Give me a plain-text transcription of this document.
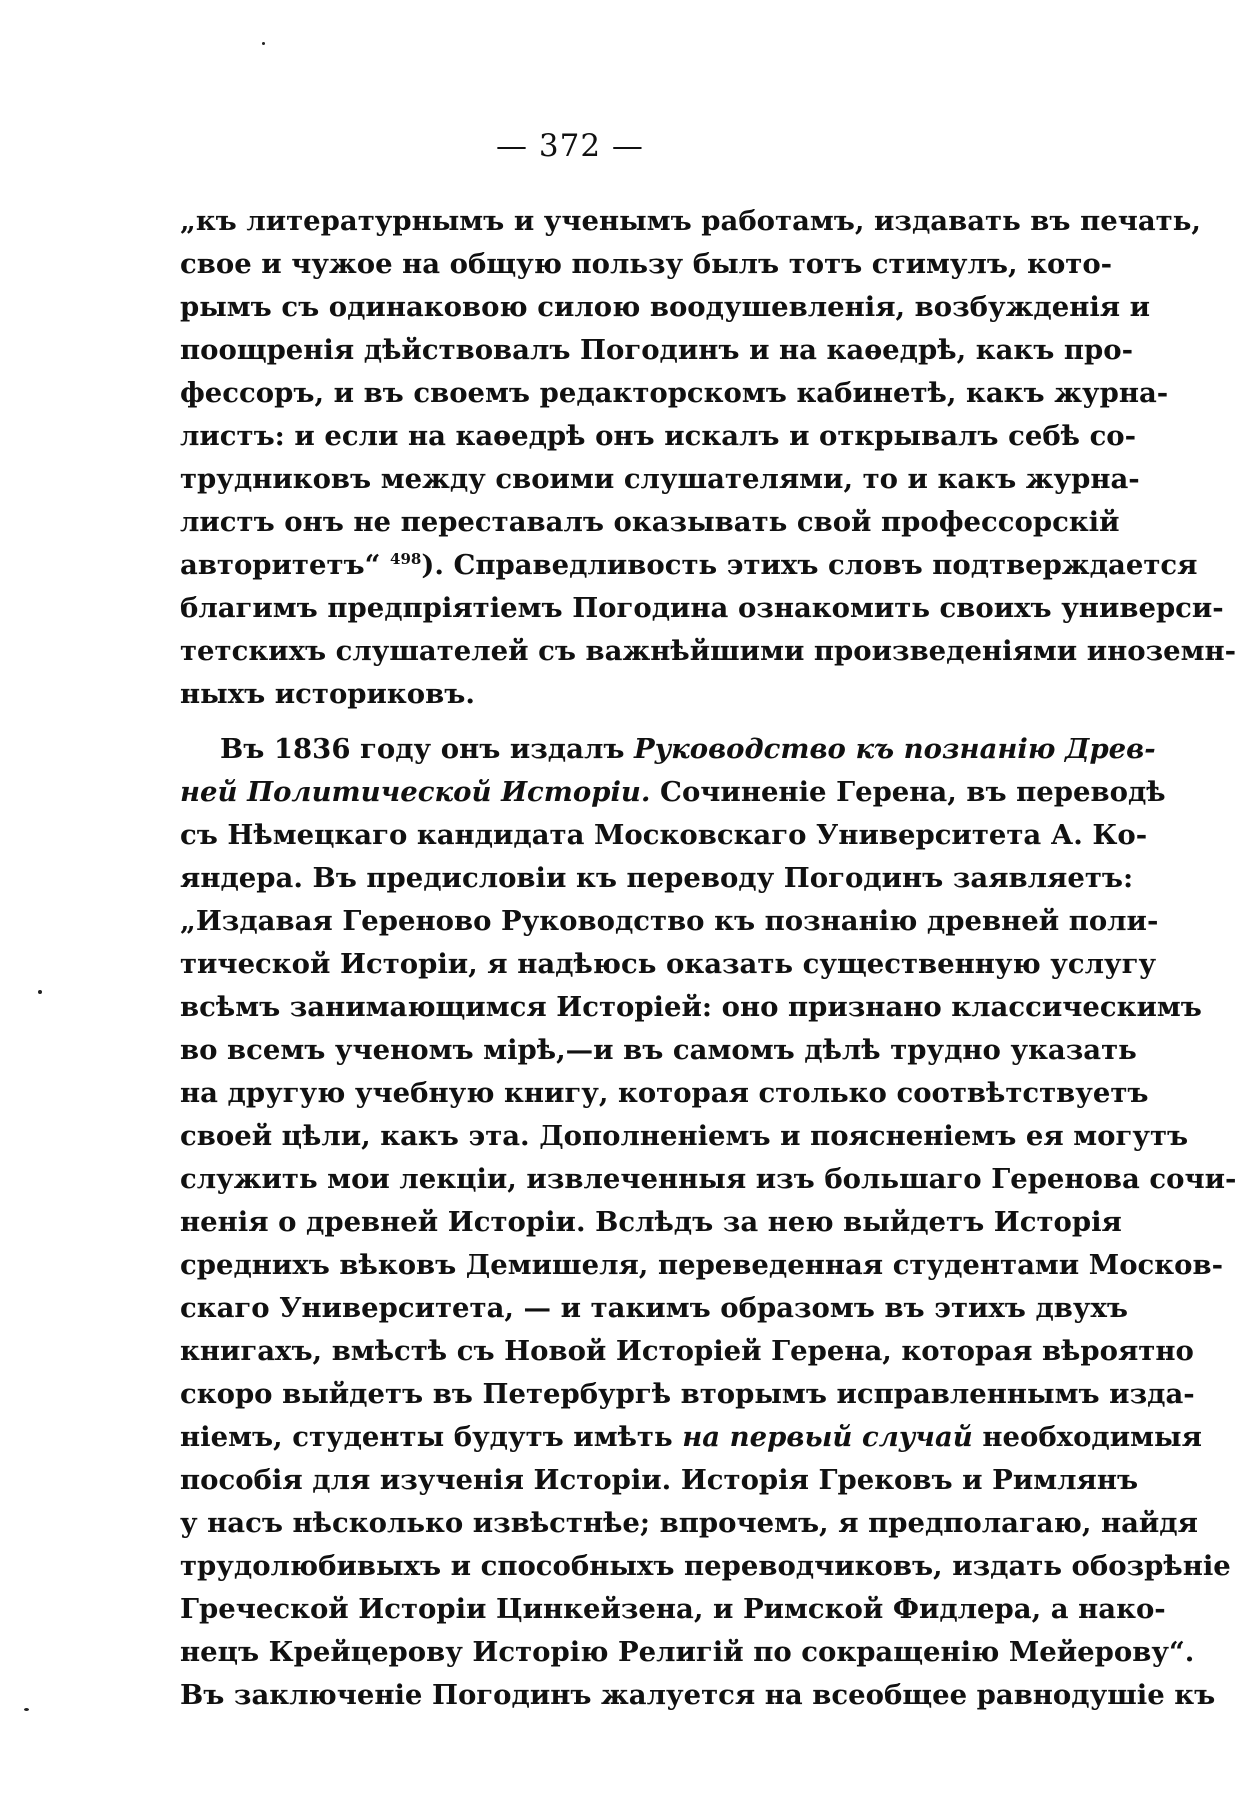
— 372 —
„къ литературнымъ и ученымъ работамъ, издавать въ печать,
свое и чужое на общую пользу былъ тотъ стимулъ, кото-
рымъ съ одинаковою силою воодушевленія, возбужденія и
поощренія дѣйствовалъ Погодинъ и на каѳедрѣ, какъ про-
фессоръ, и въ своемъ редакторскомъ кабинетѣ, какъ журна-
листъ: и если на каѳедрѣ онъ искалъ и открывалъ себѣ со-
трудниковъ между своими слушателями, то и какъ журна-
листъ онъ не переставалъ оказывать свой профессорскій
авторитетъ“ $^{498}$). Справедливость этихъ словъ подтверждается
благимъ предпріятіемъ Погодина ознакомить своихъ универси-
тетскихъ слушателей съ важнѣйшими произведеніями иноземн-
ныхъ историковъ.
Въ 1836 году онъ издалъ Руководство къ познанію Древ-
ней Политической Исторіи. Сочиненіе Герена, въ переводѣ
съ Нѣмецкаго кандидата Московскаго Университета А. Ко-
яндера. Въ предисловіи къ переводу Погодинъ заявляетъ:
„Издавая Гереново Руководство къ познанію древней поли-
тической Исторіи, я надѣюсь оказать существенную услугу
всѣмъ занимающимся Исторіей: оно признано классическимъ
во всемъ ученомъ мірѣ,—и въ самомъ дѣлѣ трудно указать
на другую учебную книгу, которая столько соотвѣтствуетъ
своей цѣли, какъ эта. Дополненіемъ и поясненіемъ ея могутъ
служить мои лекціи, извлеченныя изъ большаго Геренова сочи-
ненія о древней Исторіи. Вслѣдъ за нею выйдетъ Исторія
среднихъ вѣковъ Демишеля, переведенная студентами Москов-
скаго Университета, — и такимъ образомъ въ этихъ двухъ
книгахъ, вмѣстѣ съ Новой Исторіей Герена, которая вѣроятно
скоро выйдетъ въ Петербургѣ вторымъ исправленнымъ изда-
ніемъ, студенты будутъ имѣть на первый случай необходимыя
пособія для изученія Исторіи. Исторія Грековъ и Римлянъ
у насъ нѣсколько извѣстнѣе; впрочемъ, я предполагаю, найдя
трудолюбивыхъ и способныхъ переводчиковъ, издать обозрѣніе
Греческой Исторіи Цинкейзена, и Римской Фидлера, а нако-
нецъ Крейцерову Исторію Религій по сокращенію Мейерову“.
Въ заключеніе Погодинъ жалуется на всеобщее равнодушіе къ
